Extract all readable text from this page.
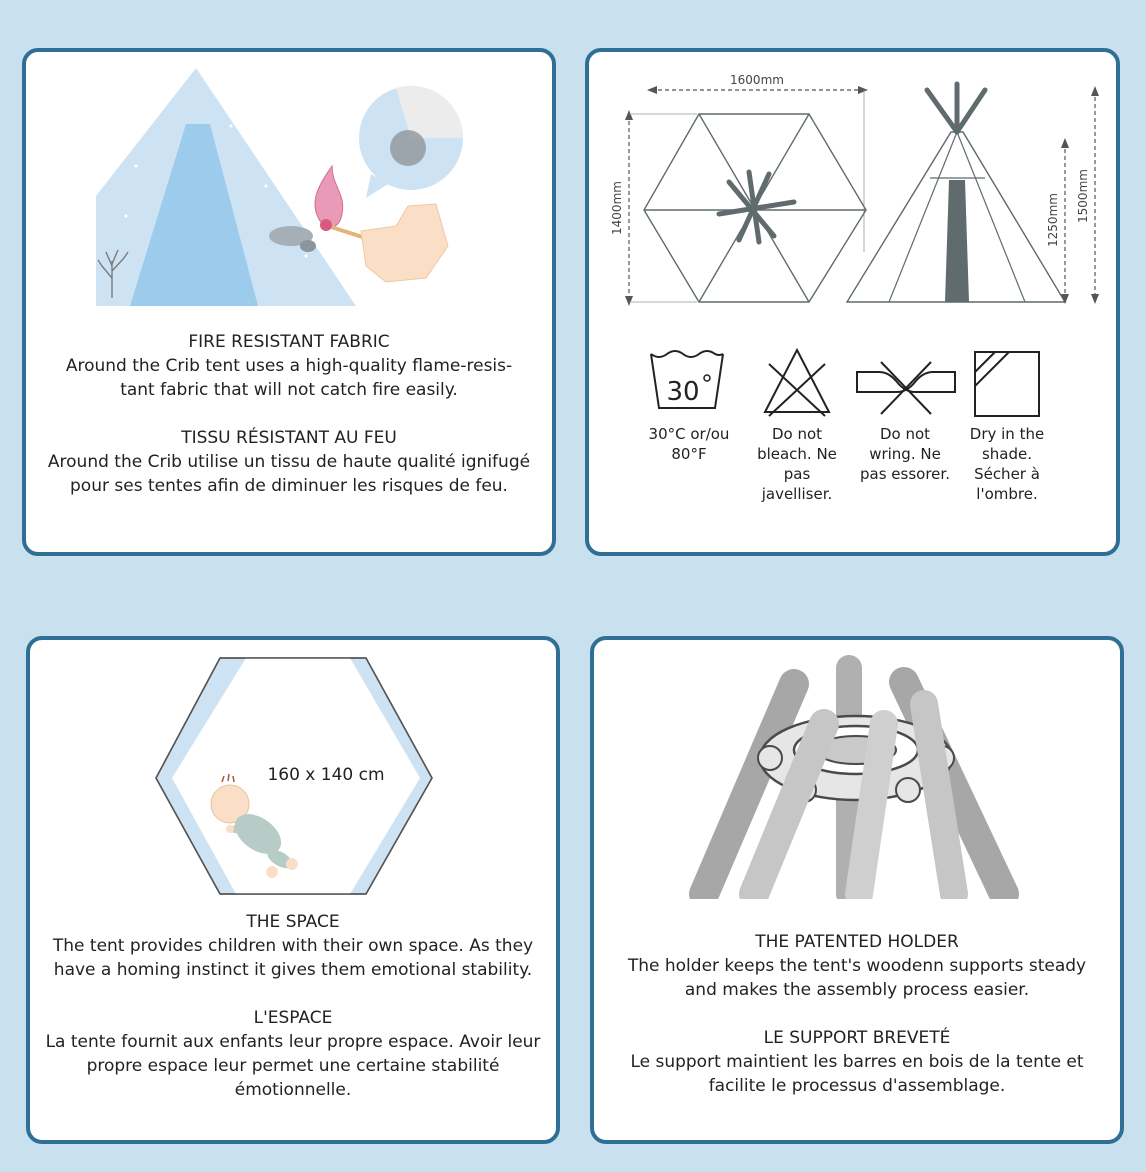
FIRE RESISTANT FABRIC
Around the Crib tent uses a high-quality flame-resis- tant fabric that will not catch fire easily.
TISSU RÉSISTANT AU FEU
Around the Crib utilise un tissu de haute qualité ignifugé pour ses tentes afin de diminuer les risques de feu.
1600mm
1400mm	1250mm 1500mm
30
30°C or/ou 80°F
Do not bleach. Ne pas javelliser.
Do not wring. Ne pas essorer.
Dry in the shade. Sécher à l'ombre.
160 x 140 cm
THE SPACE
The tent provides children with their own space. As they have a homing instinct it gives them emotional stability.
L'ESPACE
La tente fournit aux enfants leur propre espace. Avoir leur propre espace leur permet une certaine stabilité émotionnelle.
THE PATENTED HOLDER
The holder keeps the tent's woodenn supports steady and makes the assembly process easier.
LE SUPPORT BREVETÉ
Le support maintient les barres en bois de la tente et facilite le processus d'assemblage.
